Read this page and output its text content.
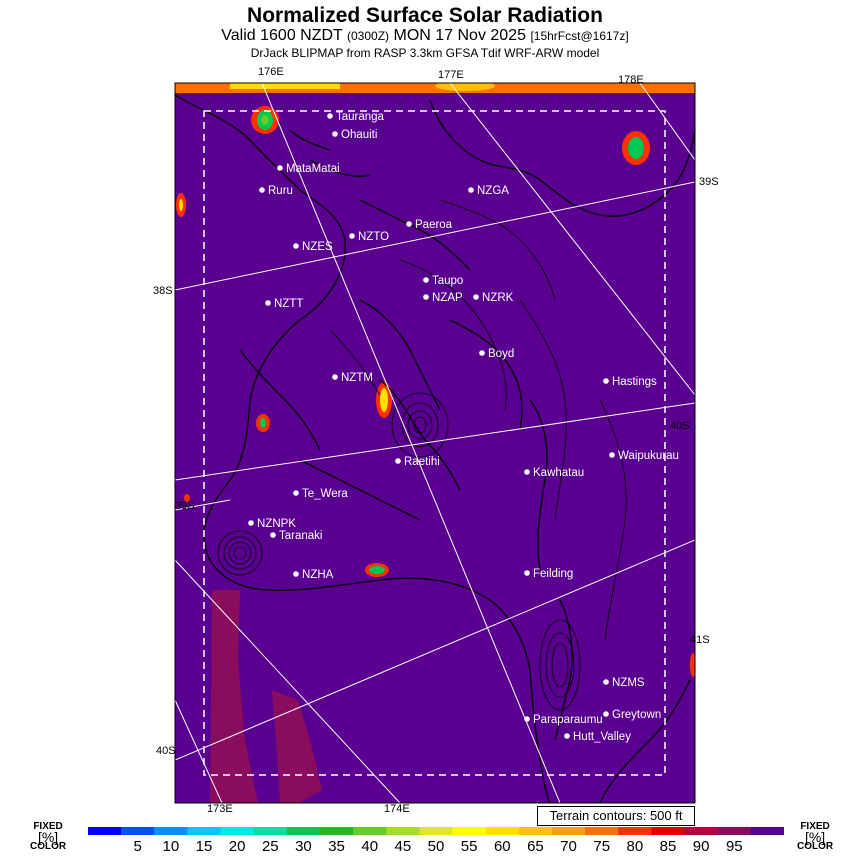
Normalized Surface Solar Radiation
Valid 1600 NZDT (0300Z) MON 17 Nov 2025 [15hrFcst@1617z]
DrJack BLIPMAP from RASP 3.3km GFSA Tdif WRF-ARW model
176E	177E	178E
173E	174E
39S
38S
40S
39S
41S
40S
Tauranga
Ohauiti
MataMatai
Ruru	NZGA
Paeroa
NZTO
NZES
Taupo
NZAP NZRK
NZTT
Boyd
NZTM	Hastings
Waipukurau
Raetihi
Kawhatau
Te_Wera
NZNPK
Taranaki
NZHA	Feilding
NZMS
Greytown
Paraparaumu
Hutt_Valley
Terrain contours: 500 ft
FIXED
[%]
COLOR
FIXED
[%]
COLOR
5 10 15 20 25 30 35 40 45 50 55 60 65 70 75 80 85 90 95
